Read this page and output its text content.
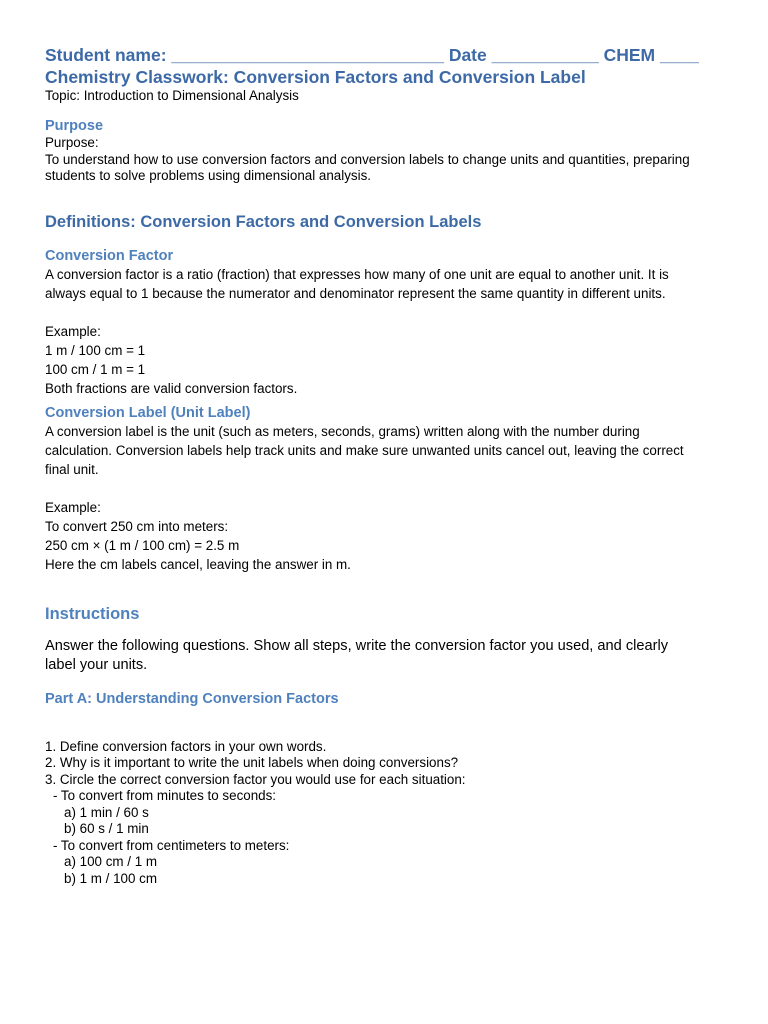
Student name: ____________________________ Date ___________ CHEM ____
Chemistry Classwork: Conversion Factors and Conversion Label
Topic: Introduction to Dimensional Analysis
Purpose
Purpose:
To understand how to use conversion factors and conversion labels to change units and quantities, preparing
students to solve problems using dimensional analysis.
Definitions: Conversion Factors and Conversion Labels
Conversion Factor
A conversion factor is a ratio (fraction) that expresses how many of one unit are equal to another unit. It is
always equal to 1 because the numerator and denominator represent the same quantity in different units.
Example:
1 m / 100 cm = 1
100 cm / 1 m = 1
Both fractions are valid conversion factors.
Conversion Label (Unit Label)
A conversion label is the unit (such as meters, seconds, grams) written along with the number during
calculation. Conversion labels help track units and make sure unwanted units cancel out, leaving the correct
final unit.
Example:
To convert 250 cm into meters:
250 cm × (1 m / 100 cm) = 2.5 m
Here the cm labels cancel, leaving the answer in m.
Instructions
Answer the following questions. Show all steps, write the conversion factor you used, and clearly
label your units.
Part A: Understanding Conversion Factors
1. Define conversion factors in your own words.
2. Why is it important to write the unit labels when doing conversions?
3. Circle the correct conversion factor you would use for each situation:
- To convert from minutes to seconds:
a) 1 min / 60 s
b) 60 s / 1 min
- To convert from centimeters to meters:
a) 100 cm / 1 m
b) 1 m / 100 cm
